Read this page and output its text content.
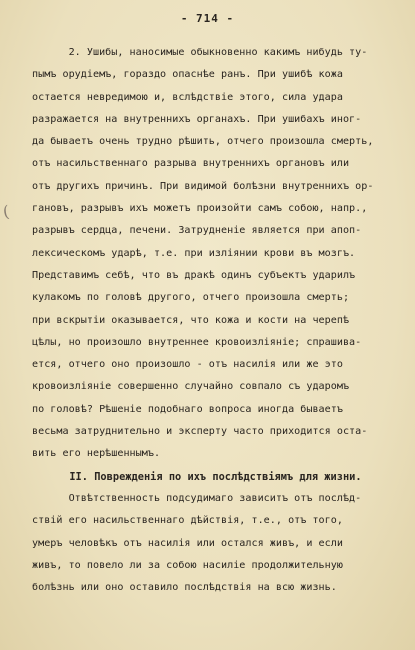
(
- 714 -
2. Ушибы, наносимые обыкновенно какимъ нибудь ту-
пымъ орудiемъ, гораздо опаснѣе ранъ. При ушибѣ кожа
остается невредимою и, вслѣдствiе этого, сила удара
разражается на внутреннихъ органахъ. При ушибахъ иног-
да бываетъ очень трудно рѣшить, отчего произошла смерть,
отъ насильственнаго разрыва внутреннихъ органовъ или
отъ другихъ причинъ. При видимой болѣзни внутреннихъ ор-
гановъ, разрывъ ихъ можетъ произойти самъ собою, напр.,
разрывъ сердца, печени. Затрудненiе является при апоп-
лексическомъ ударѣ, т.е. при изліянии крови въ мозгъ.
Представимъ себѣ, что въ дракѣ одинъ субъектъ ударилъ
кулакомъ по головѣ другого, отчего произошла смерть;
при вскрытiи оказывается, что кожа и кости на черепѣ
цѣлы, но произошло внутреннее кровоизлiянiе; спрашива-
ется, отчего оно произошло - отъ насилiя или же это
кровоизлiянiе совершенно случайно совпало съ ударомъ
по головѣ? Рѣшенiе подобнаго вопроса иногда бываетъ
весьма затруднительно и эксперту часто приходится оста-
вить его нерѣшеннымъ.
II. Поврежденiя по ихъ послѣдствiямъ для жизни.
Отвѣтственность подсудимаго зависитъ отъ послѣд-
ствiй его насильственнаго дѣйствiя, т.е., отъ того,
умеръ человѣкъ отъ насилiя или остался живъ, и если
живъ, то повело ли за собою насилiе продолжительную
болѣзнь или оно оставило послѣдствiя на всю жизнь.
